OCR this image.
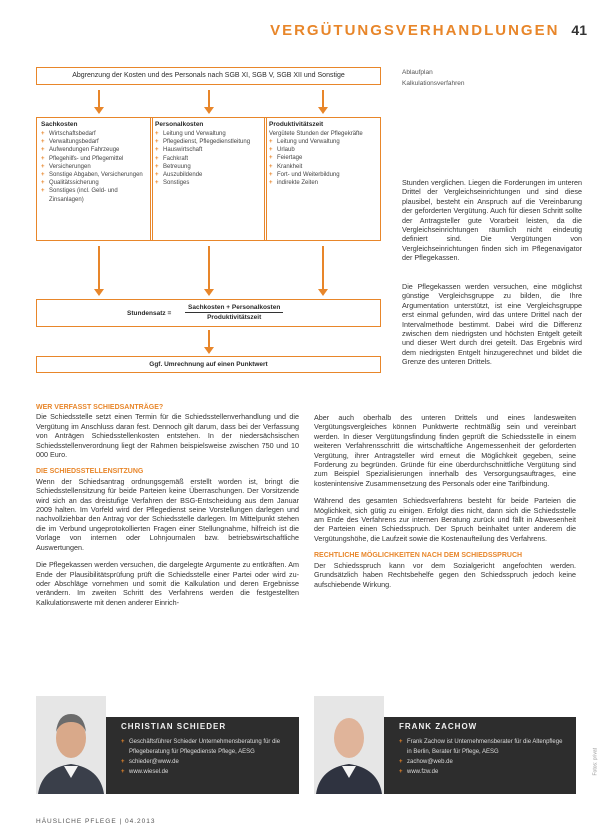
VERGÜTUNGSVERHANDLUNGEN 41
Abgrenzung der Kosten und des Personals nach SGB XI, SGB V, SGB XII und Sonstige	Ablaufplan
Kalkulationsverfahren
Sachkosten
+ Wirtschaftsbedarf
+ Verwaltungsbedarf
+ Aufwendungen Fahrzeuge
+ Pflegehilfs- und Pflegemittel
+ Versicherungen
+ Sonstige Abgaben, Versicherungen
+ Qualitätssicherung
+ Sonstiges (incl. Geld- und Zinsanlagen)
Personalkosten
+ Leitung und Verwaltung
+ Pflegedienst, Pflegedienstleitung
+ Hauswirtschaft
+ Fachkraft
+ Betreuung
+ Auszubildende
+ Sonstiges
Produktivitätszeit
Vergütete Stunden der Pflegekräfte
+ Leitung und Verwaltung
+ Urlaub
+ Feiertage
+ Krankheit
+ Fort- und Weiterbildung
+ indirekte Zeiten
Stundensatz =
Sachkosten + Personalkosten
Produktivitätszeit
Ggf. Umrechnung auf einen Punktwert
Stunden verglichen. Liegen die Forderungen im unteren Drittel der Vergleichseinrichtungen und sind diese plausibel, besteht ein Anspruch auf die Vereinbarung der geforderten Vergütung. Auch für diesen Schritt sollte der Antragsteller gute Vorarbeit leisten, da die Vergleichseinrichtungen räumlich nicht eindeutig definiert sind. Die Vergütungen von Vergleichseinrichtungen finden sich im Pflegenavigator der Pflegekassen.
Die Pflegekassen werden versuchen, eine möglichst günstige Vergleichsgruppe zu bilden, die Ihre Argumentation unterstützt, ist eine Vergleichsgruppe erst einmal gefunden, wird das untere Drittel nach der Intervalmethode bestimmt. Dabei wird die Differenz zwischen dem niedrigsten und höchsten Entgelt geteilt und dieser Wert durch drei geteilt. Das Ergebnis wird dem niedrigsten Entgelt hinzugerechnet und bildet die Grenze des unteren Drittels.
WER VERFASST SCHIEDSANTRÄGE?
Die Schiedsstelle setzt einen Termin für die Schiedsstellenverhandlung und die Vergütung im Anschluss daran fest. Dennoch gilt darum, dass bei der Verfassung von Anträgen Schiedsstellenkosten entstehen. In der niedersächsischen Schiedsstellenverordnung liegt der Rahmen beispielsweise zwischen 750 und 10 000 Euro.
DIE SCHIEDSSTELLENSITZUNG
Wenn der Schiedsantrag ordnungsgemäß erstellt worden ist, bringt die Schiedsstellensitzung für beide Parteien keine Überraschungen. Der Vorsitzende wird sich an das dreistufige Verfahren der BSG-Entscheidung aus dem Januar 2009 halten. Im Vorfeld wird der Pflegedienst seine Vorstellungen darlegen und nachvollziehbar den Antrag vor der Schiedsstelle darlegen. Im Mittelpunkt stehen die im Verbund ungeprotokollierten Fragen einer Stellungnahme, hilfreich ist die Vorlage von internen oder Lohnjournalen bzw. betriebswirtschaftliche Auswertungen.
Die Pflegekassen werden versuchen, die dargelegte Argumente zu entkräften. Am Ende der Plausibilitätsprüfung prüft die Schiedsstelle einer Partei oder wird zu- oder Abschläge vornehmen und somit die Kalkulation und deren Ergebnisse verändern. Im zweiten Schritt des Verfahrens werden die festgestellten Kalkulationswerte mit denen anderer Einrich-
Aber auch oberhalb des unteren Drittels und eines landesweiten Vergütungsvergleiches können Punktwerte rechtmäßig sein und vereinbart werden. In dieser Vergütungsfindung finden geprüft die Schiedsstelle in einem weiteren Verfahrensschritt die wirtschaftliche Angemessenheit der geforderten Vergütung, ihrer Antragsteller wird erneut die Möglichkeit gegeben, seine Forderung zu begründen. Gründe für eine überdurchschnittliche Vergütung sind zum Beispiel Spezialisierungen innerhalb des Versorgungsauftrages, eine kostenintensive Zusammensetzung des Personals oder eine Tarifbindung.
Während des gesamten Schiedsverfahrens besteht für beide Parteien die Möglichkeit, sich gütig zu einigen. Erfolgt dies nicht, dann sich die Schiedsstelle am Ende des Verfahrens zur internen Beratung zurück und fällt in Abwesenheit der Parteien einen Schiedsspruch. Der Spruch beinhaltet unter anderem die Vergütungshöhe, die Laufzeit sowie die Kostenaufteilung des Verfahrens.
RECHTLICHE MÖGLICHKEITEN NACH DEM SCHIEDSSPRUCH
Der Schiedsspruch kann vor dem Sozialgericht angefochten werden. Grundsätzlich haben Rechtsbehelfe gegen den Schiedsspruch jedoch keine aufschiebende Wirkung.
CHRISTIAN SCHIEDER
+ Geschäftsführer Schieder Unternehmensberatung für die Pflegeberatung für Pflegedienste Pflege, AESG
+ schieder@www.de
+ www.wiesel.de
FRANK ZACHOW
+ Frank Zachow ist Unternehmensberater für die Altenpflege in Berlin, Berater für Pflege, AESG
+ zachow@web.de
+ www.fzw.de	Fotos: privat
HÄUSLICHE PFLEGE | 04.2013
